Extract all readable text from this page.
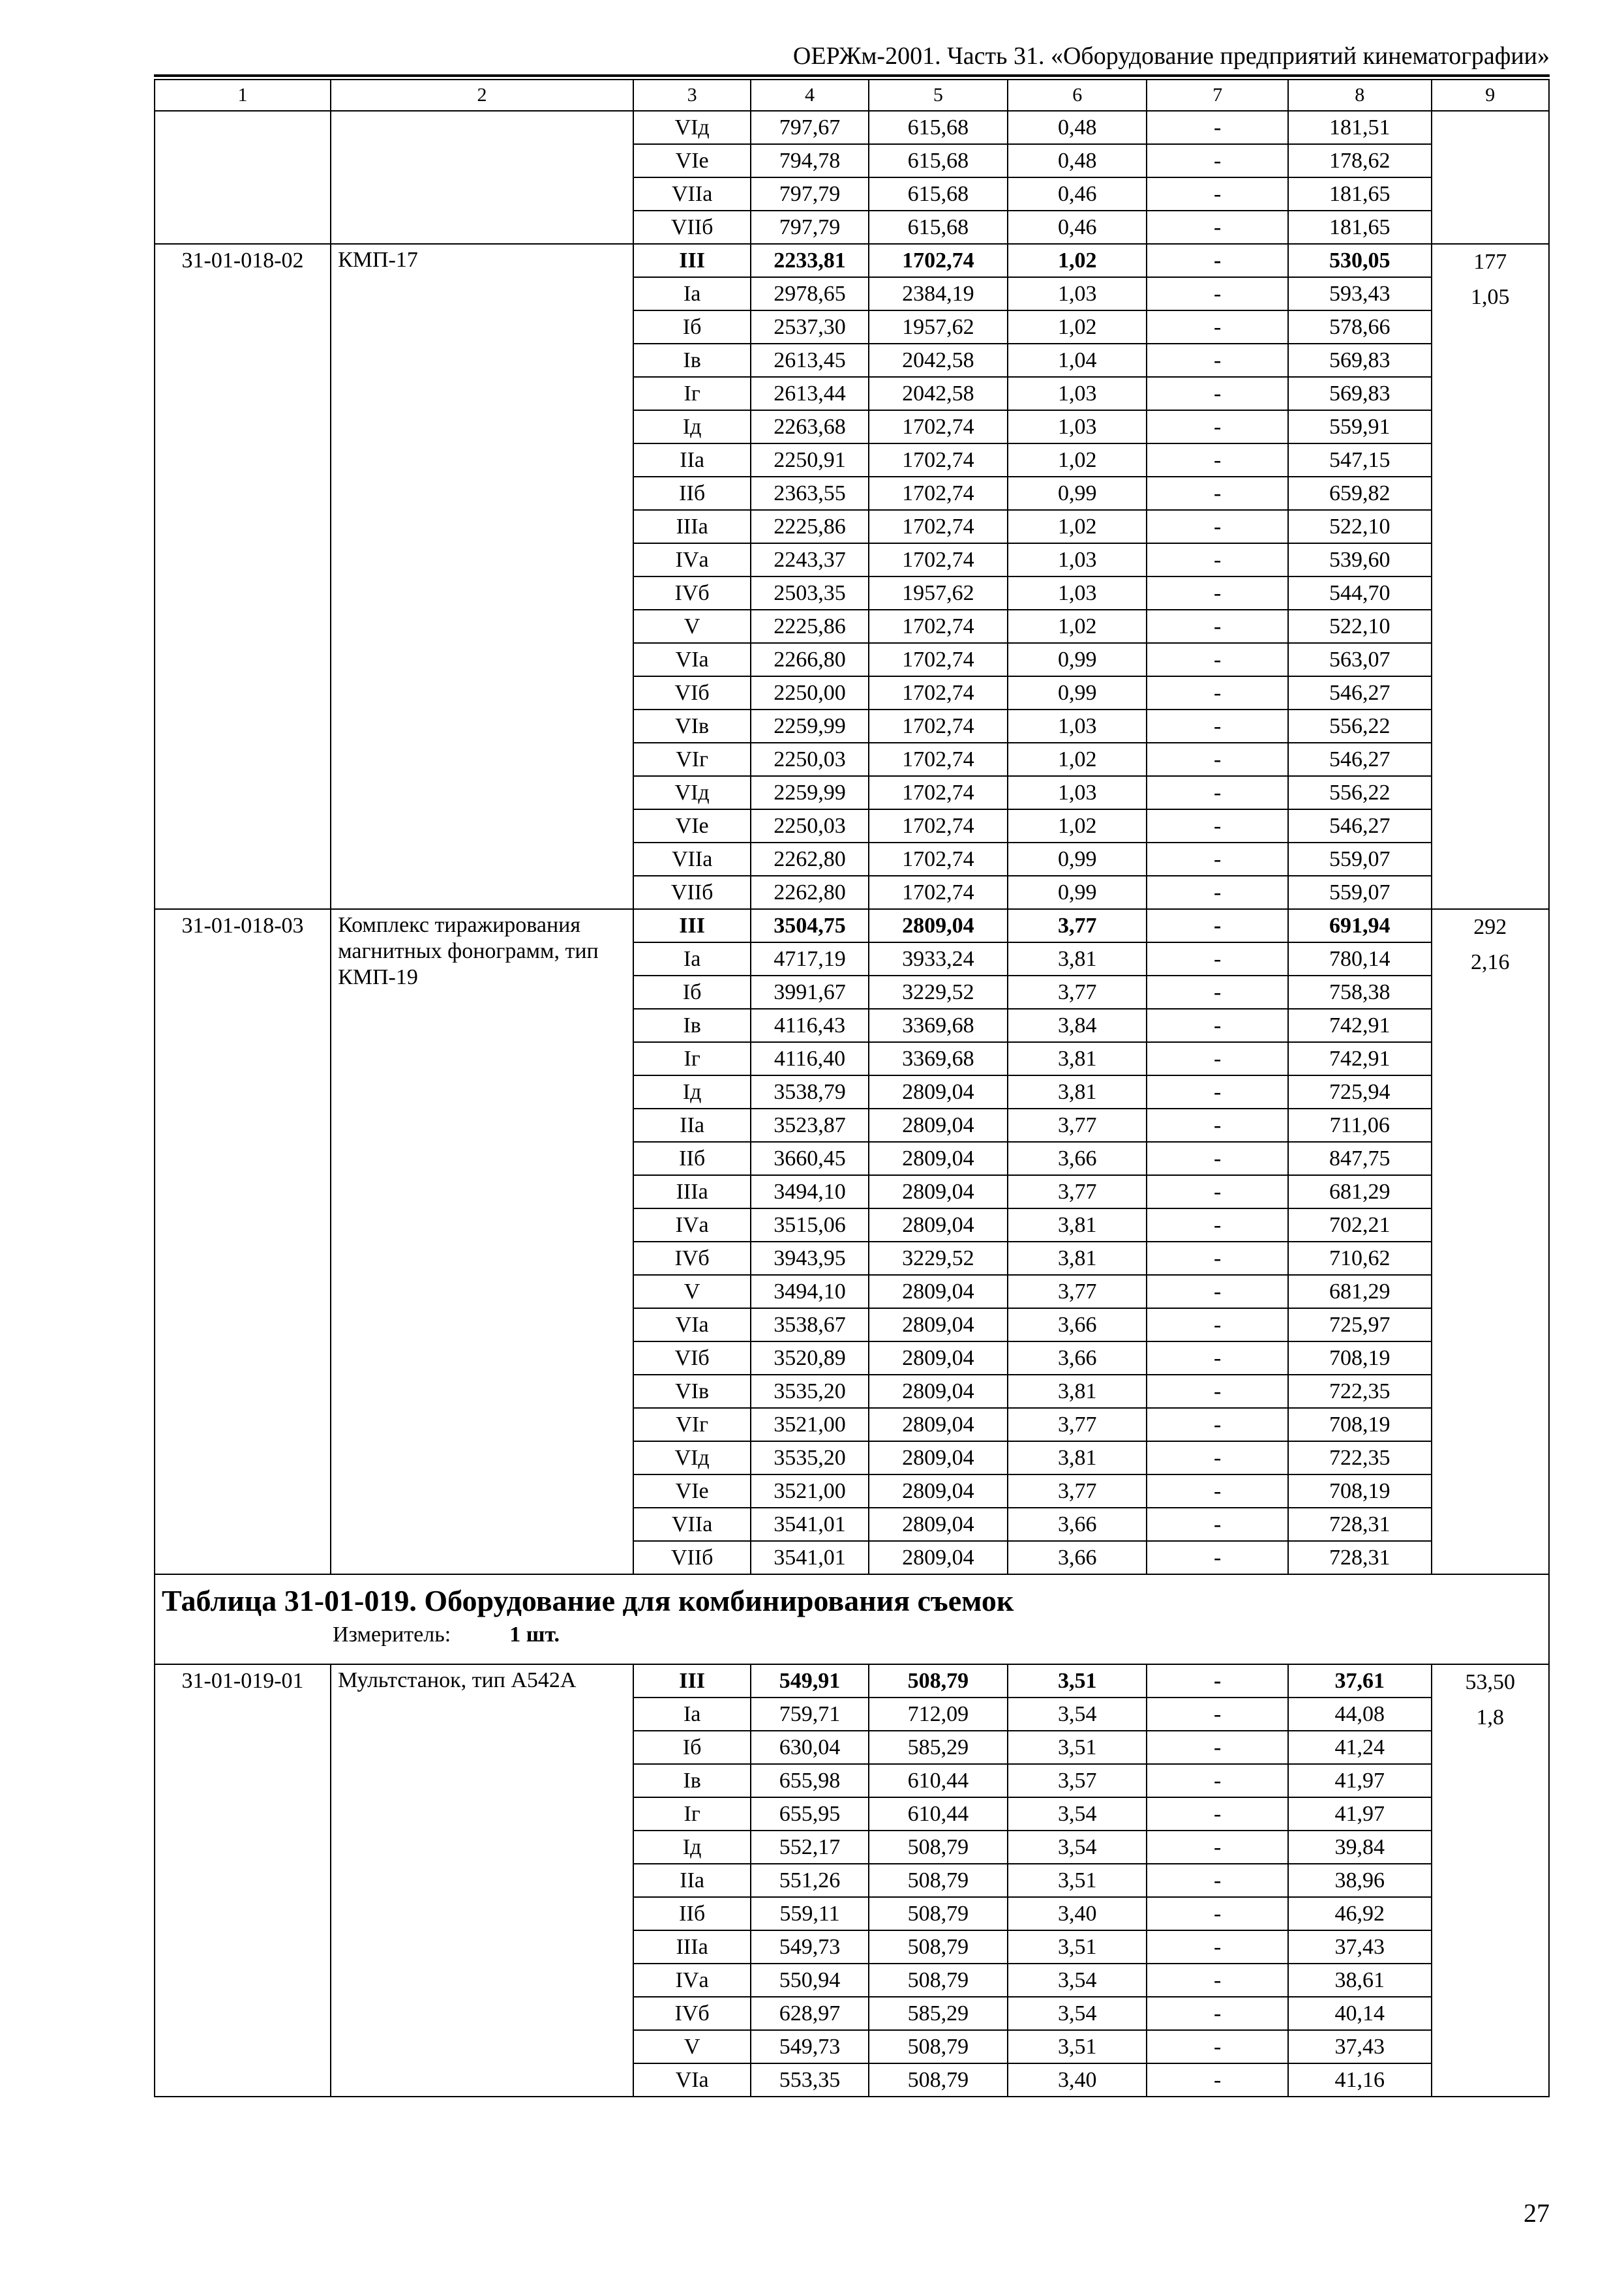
ОЕРЖм-2001. Часть 31. «Оборудование предприятий кинематографии»
1	2	3	4	5	6	7	8	9
		VIд	797,67	615,68	0,48	-	181,51	
		VIе	794,78	615,68	0,48	-	178,62	
		VIIа	797,79	615,68	0,46	-	181,65	
		VIIб	797,79	615,68	0,46	-	181,65	
31-01-018-02	КМП-17	III	2233,81	1702,74	1,02	-	530,05	177
1,05

		Iа	2978,65	2384,19	1,03	-	593,43	
		Iб	2537,30	1957,62	1,02	-	578,66	
		Iв	2613,45	2042,58	1,04	-	569,83	
		Iг	2613,44	2042,58	1,03	-	569,83	
		Iд	2263,68	1702,74	1,03	-	559,91	
		IIа	2250,91	1702,74	1,02	-	547,15	
		IIб	2363,55	1702,74	0,99	-	659,82	
		IIIа	2225,86	1702,74	1,02	-	522,10	
		IVа	2243,37	1702,74	1,03	-	539,60	
		IVб	2503,35	1957,62	1,03	-	544,70	
		V	2225,86	1702,74	1,02	-	522,10	
		VIа	2266,80	1702,74	0,99	-	563,07	
		VIб	2250,00	1702,74	0,99	-	546,27	
		VIв	2259,99	1702,74	1,03	-	556,22	
		VIг	2250,03	1702,74	1,02	-	546,27	
		VIд	2259,99	1702,74	1,03	-	556,22	
		VIе	2250,03	1702,74	1,02	-	546,27	
		VIIа	2262,80	1702,74	0,99	-	559,07	
		VIIб	2262,80	1702,74	0,99	-	559,07	
31-01-018-03	Комплекс тиражирования магнитных фонограмм, тип КМП-19	III	3504,75	2809,04	3,77	-	691,94	292
2,16

		Iа	4717,19	3933,24	3,81	-	780,14	
		Iб	3991,67	3229,52	3,77	-	758,38	
		Iв	4116,43	3369,68	3,84	-	742,91	
		Iг	4116,40	3369,68	3,81	-	742,91	
		Iд	3538,79	2809,04	3,81	-	725,94	
		IIа	3523,87	2809,04	3,77	-	711,06	
		IIб	3660,45	2809,04	3,66	-	847,75	
		IIIа	3494,10	2809,04	3,77	-	681,29	
		IVа	3515,06	2809,04	3,81	-	702,21	
		IVб	3943,95	3229,52	3,81	-	710,62	
		V	3494,10	2809,04	3,77	-	681,29	
		VIа	3538,67	2809,04	3,66	-	725,97	
		VIб	3520,89	2809,04	3,66	-	708,19	
		VIв	3535,20	2809,04	3,81	-	722,35	
		VIг	3521,00	2809,04	3,77	-	708,19	
		VIд	3535,20	2809,04	3,81	-	722,35	
		VIе	3521,00	2809,04	3,77	-	708,19	
		VIIа	3541,01	2809,04	3,66	-	728,31	
		VIIб	3541,01	2809,04	3,66	-	728,31	

Таблица 31-01-019. Оборудование для комбинирования съемок
Измеритель: 1 шт.								

31-01-019-01	Мультстанок, тип А542А	III	549,91	508,79	3,51	-	37,61	53,50
1,8

		Iа	759,71	712,09	3,54	-	44,08	
		Iб	630,04	585,29	3,51	-	41,24	
		Iв	655,98	610,44	3,57	-	41,97	
		Iг	655,95	610,44	3,54	-	41,97	
		Iд	552,17	508,79	3,54	-	39,84	
		IIа	551,26	508,79	3,51	-	38,96	
		IIб	559,11	508,79	3,40	-	46,92	
		IIIа	549,73	508,79	3,51	-	37,43	
		IVа	550,94	508,79	3,54	-	38,61	
		IVб	628,97	585,29	3,54	-	40,14	
		V	549,73	508,79	3,51	-	37,43	
		VIа	553,35	508,79	3,40	-	41,16	
27
